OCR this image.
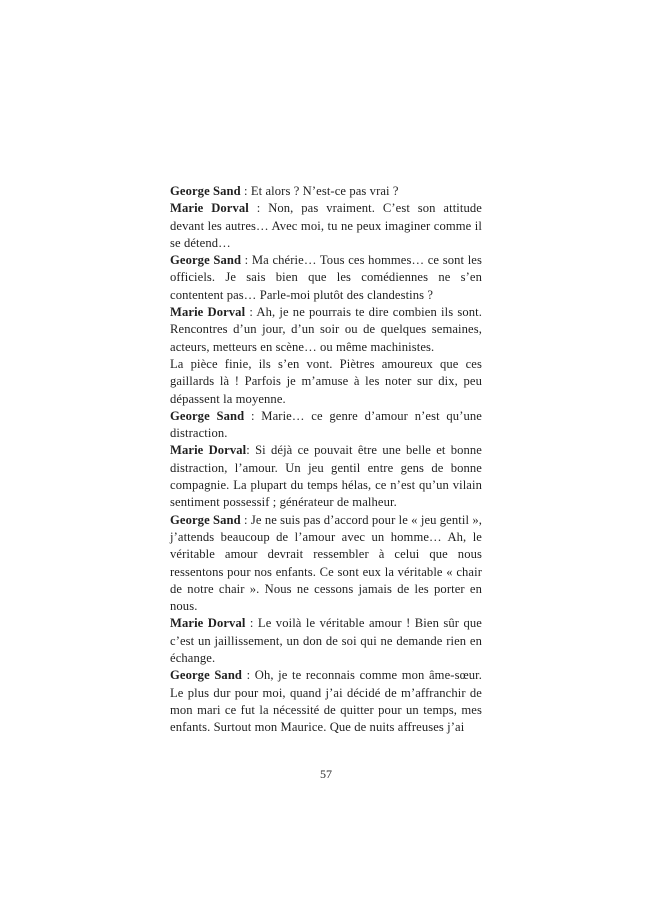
George Sand : Et alors ? N’est-ce pas vrai ?

Marie Dorval : Non, pas vraiment. C’est son attitude devant les autres… Avec moi, tu ne peux imaginer comme il se détend…

George Sand : Ma chérie… Tous ces hommes… ce sont les officiels. Je sais bien que les comédiennes ne s’en contentent pas… Parle-moi plutôt des clandestins ?

Marie Dorval : Ah, je ne pourrais te dire combien ils sont. Rencontres d’un jour, d’un soir ou de quelques semaines, acteurs, metteurs en scène… ou même machinistes.

La pièce finie, ils s’en vont. Piètres amoureux que ces gaillards là ! Parfois je m’amuse à les noter sur dix, peu dépassent la moyenne.

George Sand : Marie… ce genre d’amour n’est qu’une distraction.

Marie Dorval: Si déjà ce pouvait être une belle et bonne distraction, l’amour. Un jeu gentil entre gens de bonne compagnie. La plupart du temps hélas, ce n’est qu’un vilain sentiment possessif ; générateur de malheur.

George Sand : Je ne suis pas d’accord pour le « jeu gentil », j’attends beaucoup de l’amour avec un homme… Ah, le véritable amour devrait ressembler à celui que nous ressentons pour nos enfants. Ce sont eux la véritable « chair de notre chair ». Nous ne cessons jamais de les porter en nous.

Marie Dorval : Le voilà le véritable amour ! Bien sûr que c’est un jaillissement, un don de soi qui ne demande rien en échange.

George Sand : Oh, je te reconnais comme mon âme-sœur. Le plus dur pour moi, quand j’ai décidé de m’affranchir de mon mari ce fut la nécessité de quitter pour un temps, mes enfants. Surtout mon Maurice. Que de nuits affreuses j’ai

57
